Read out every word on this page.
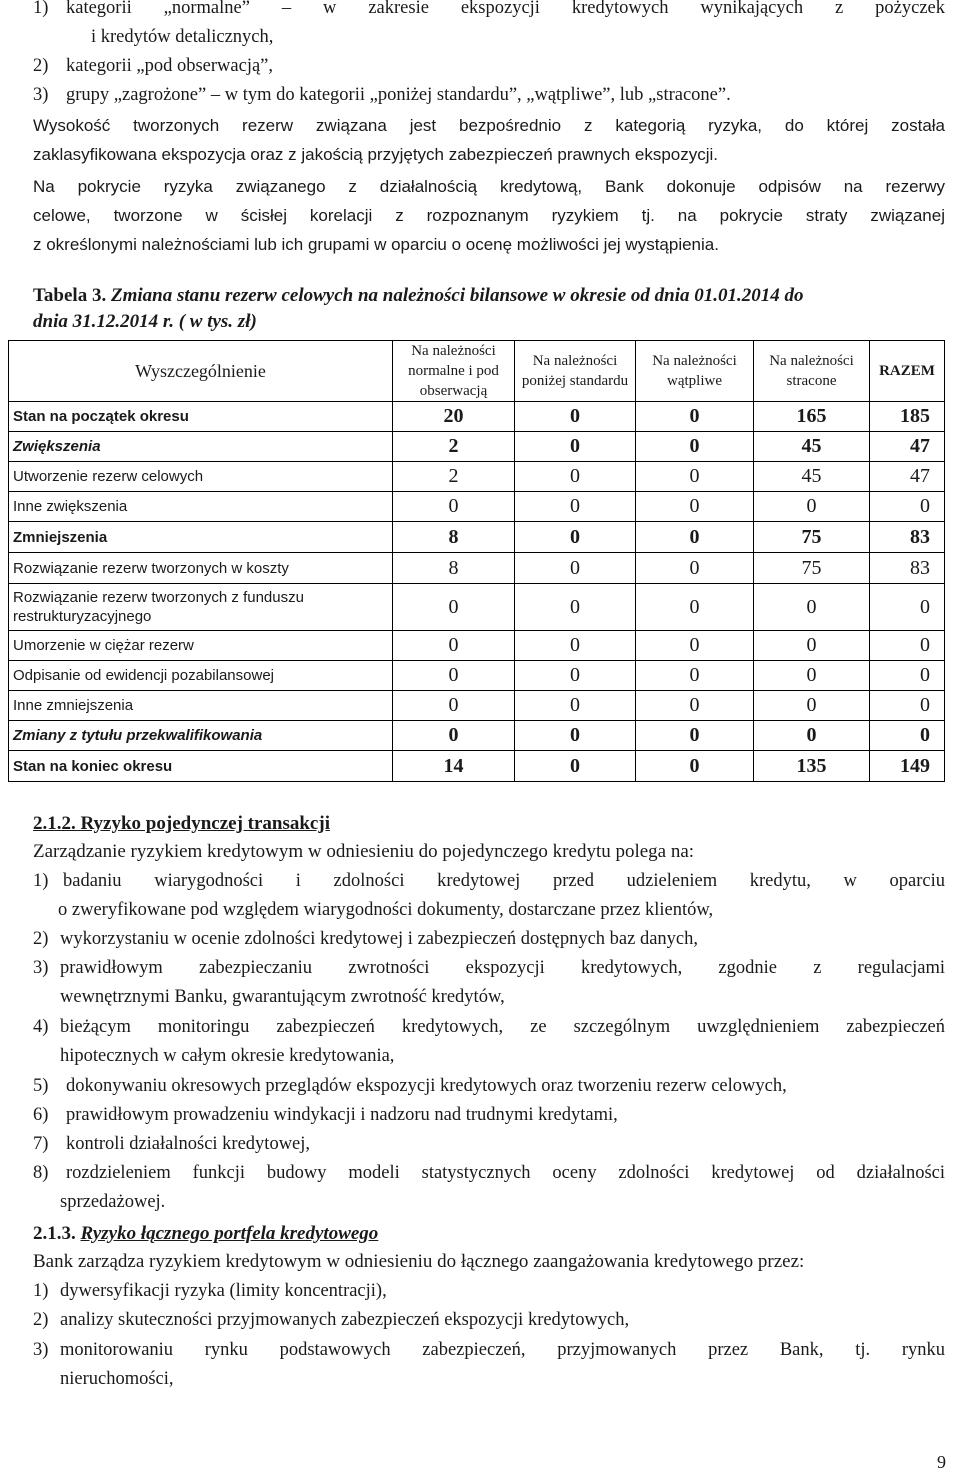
1) kategorii „normalne” – w zakresie ekspozycji kredytowych wynikających z pożyczek
i kredytów detalicznych,
2) kategorii „pod obserwacją”,
3) grupy „zagrożone” – w tym do kategorii „poniżej standardu”, „wątpliwe”, lub „stracone”.
Wysokość tworzonych rezerw związana jest bezpośrednio z kategorią ryzyka, do której została
zaklasyfikowana ekspozycja oraz z jakością przyjętych zabezpieczeń prawnych ekspozycji.
Na pokrycie ryzyka związanego z działalnością kredytową, Bank dokonuje odpisów na rezerwy
celowe, tworzone w ścisłej korelacji z rozpoznanym ryzykiem tj. na pokrycie straty związanej
z określonymi należnościami lub ich grupami w oparciu o ocenę możliwości jej wystąpienia.
Tabela 3. Zmiana stanu rezerw celowych na należności bilansowe w okresie od dnia 01.01.2014 do
dnia 31.12.2014 r. ( w tys. zł)
Wyszczególnienie	Na należności normalne i pod obserwacją	Na należności poniżej standardu	Na należności wątpliwe	Na należności stracone	RAZEM
Stan na początek okresu	20	0	0	165	185
Zwiększenia	2	0	0	45	47
Utworzenie rezerw celowych	2	0	0	45	47
Inne zwiększenia	0	0	0	0	0
Zmniejszenia	8	0	0	75	83
Rozwiązanie rezerw tworzonych w koszty	8	0	0	75	83
Rozwiązanie rezerw tworzonych z funduszu restrukturyzacyjnego	0	0	0	0	0
Umorzenie w ciężar rezerw	0	0	0	0	0
Odpisanie od ewidencji pozabilansowej	0	0	0	0	0
Inne zmniejszenia	0	0	0	0	0
Zmiany z tytułu przekwalifikowania	0	0	0	0	0
Stan na koniec okresu	14	0	0	135	149
2.1.2. Ryzyko pojedynczej transakcji
Zarządzanie ryzykiem kredytowym w odniesieniu do pojedynczego kredytu polega na:
1) badaniu wiarygodności i zdolności kredytowej przed udzieleniem kredytu, w oparciu
o zweryfikowane pod względem wiarygodności dokumenty, dostarczane przez klientów,
2) wykorzystaniu w ocenie zdolności kredytowej i zabezpieczeń dostępnych baz danych,
3) prawidłowym zabezpieczaniu zwrotności ekspozycji kredytowych, zgodnie z regulacjami
wewnętrznymi Banku, gwarantującym zwrotność kredytów,
4) bieżącym monitoringu zabezpieczeń kredytowych, ze szczególnym uwzględnieniem zabezpieczeń
hipotecznych w całym okresie kredytowania,
5) dokonywaniu okresowych przeglądów ekspozycji kredytowych oraz tworzeniu rezerw celowych,
6) prawidłowym prowadzeniu windykacji i nadzoru nad trudnymi kredytami,
7) kontroli działalności kredytowej,
8) rozdzieleniem funkcji budowy modeli statystycznych oceny zdolności kredytowej od działalności
sprzedażowej.
2.1.3. Ryzyko łącznego portfela kredytowego
Bank zarządza ryzykiem kredytowym w odniesieniu do łącznego zaangażowania kredytowego przez:
1) dywersyfikacji ryzyka (limity koncentracji),
2) analizy skuteczności przyjmowanych zabezpieczeń ekspozycji kredytowych,
3) monitorowaniu rynku podstawowych zabezpieczeń, przyjmowanych przez Bank, tj. rynku
nieruchomości,
9
